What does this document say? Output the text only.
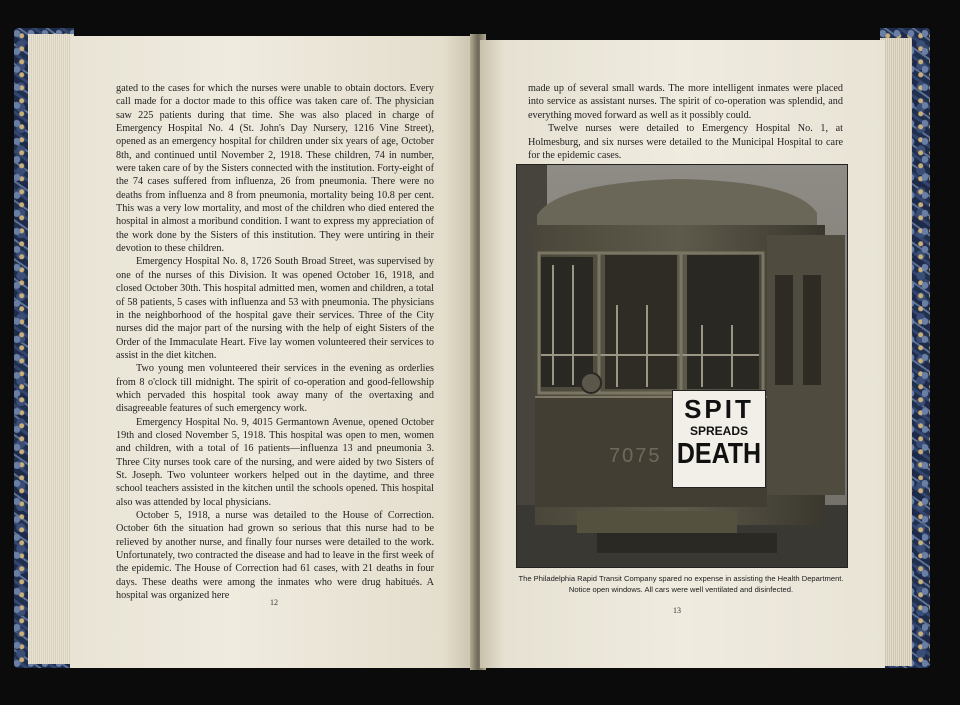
gated to the cases for which the nurses were unable to obtain doctors. Every call made for a doctor made to this office was taken care of. The physician saw 225 patients during that time. She was also placed in charge of Emergency Hospital No. 4 (St. John's Day Nursery, 1216 Vine Street), opened as an emergency hospital for children under six years of age, October 8th, and continued until November 2, 1918. These children, 74 in number, were taken care of by the Sisters connected with the institution. Forty-eight of the 74 cases suffered from influenza, 26 from pneumonia. There were no deaths from influenza and 8 from pneumonia, mortality being 10.8 per cent. This was a very low mortality, and most of the children who died entered the hospital in almost a moribund condition. I want to express my appreciation of the work done by the Sisters of this institution. They were untiring in their devotion to these children.

Emergency Hospital No. 8, 1726 South Broad Street, was supervised by one of the nurses of this Division. It was opened October 16, 1918, and closed October 30th. This hospital admitted men, women and children, a total of 58 patients, 5 cases with influenza and 53 with pneumonia. The physicians in the neighborhood of the hospital gave their services. Three of the City nurses did the major part of the nursing with the help of eight Sisters of the Order of the Immaculate Heart. Five lay women volunteered their services to assist in the diet kitchen.

Two young men volunteered their services in the evening as orderlies from 8 o'clock till midnight. The spirit of co-operation and good-fellowship which pervaded this hospital took away many of the overtaxing and disagreeable features of such emergency work.

Emergency Hospital No. 9, 4015 Germantown Avenue, opened October 19th and closed November 5, 1918. This hospital was open to men, women and children, with a total of 16 patients—influenza 13 and pneumonia 3. Three City nurses took care of the nursing, and were aided by two Sisters of St. Joseph. Two volunteer workers helped out in the daytime, and three school teachers assisted in the kitchen until the schools opened. This hospital also was attended by local physicians.

October 5, 1918, a nurse was detailed to the House of Correction. October 6th the situation had grown so serious that this nurse had to be relieved by another nurse, and finally four nurses were detailed to the work. Unfortunately, two contracted the disease and had to leave in the first week of the epidemic. The House of Correction had 61 cases, with 21 deaths in four days. These deaths were among the inmates who were drug habitués. A hospital was organized here

12

made up of several small wards. The more intelligent inmates were placed into service as assistant nurses. The spirit of co-operation was splendid, and everything moved forward as well as it possibly could.

Twelve nurses were detailed to Emergency Hospital No. 1, at Holmesburg, and six nurses were detailed to the Municipal Hospital to care for the epidemic cases.

7075
SPIT
SPREADS
DEATH
The Philadelphia Rapid Transit Company spared no expense in assisting the Health Department. Notice open windows. All cars were well ventilated and disinfected.
13
